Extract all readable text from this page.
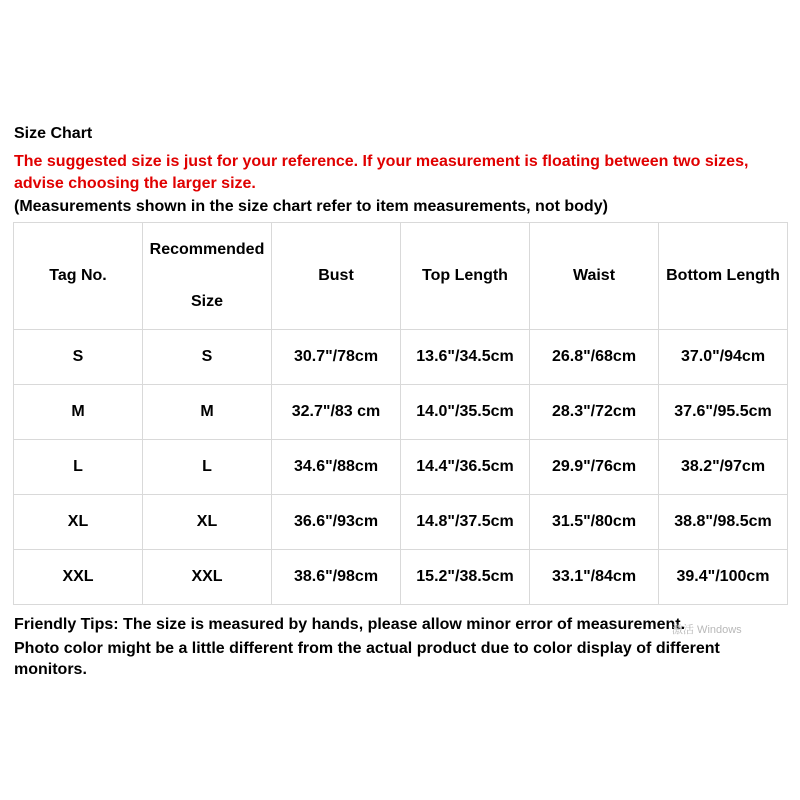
Size Chart
The suggested size is just for your reference. If your measurement is floating between two sizes, advise choosing the larger size.
(Measurements shown in the size chart refer to item measurements, not body)
Tag No.	Recommended Size	Bust	Top Length	Waist	Bottom Length

S	S	30.7"/78cm	13.6"/34.5cm	26.8"/68cm	37.0"/94cm
M	M	32.7"/83 cm	14.0"/35.5cm	28.3"/72cm	37.6"/95.5cm
L	L	34.6"/88cm	14.4"/36.5cm	29.9"/76cm	38.2"/97cm
XL	XL	36.6"/93cm	14.8"/37.5cm	31.5"/80cm	38.8"/98.5cm
XXL	XXL	38.6"/98cm	15.2"/38.5cm	33.1"/84cm	39.4"/100cm

Friendly Tips: The size is measured by hands, please allow minor error of measurement.

Photo color might be a little different from the actual product due to color display of different monitors.

激活 Windows
